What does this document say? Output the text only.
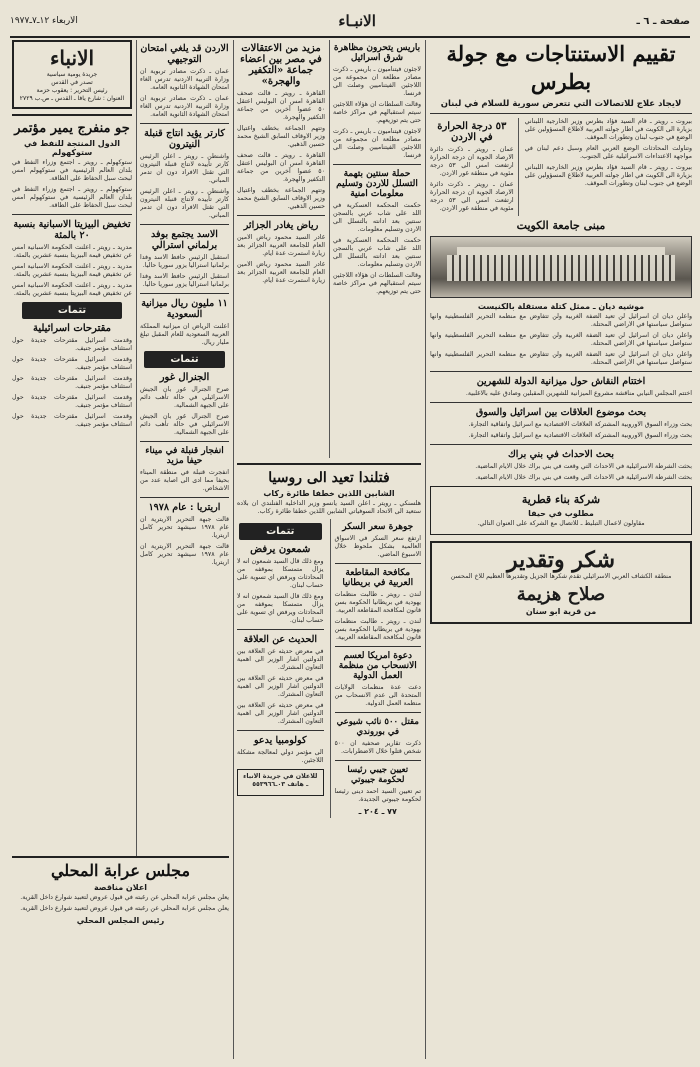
صفحة ـ ٦ ـ
الانبـاء
الاربعاء ١٢ـ٧ـ١٩٧٧
تقييم الاستنتاجات مع جولة بطرس
لايجاد علاج للاتصالات التي تتعرض سورية للسلام في لبنان

بيروت ـ رويتر ـ قام السيد فؤاد بطرس وزير الخارجية اللبناني بزيارة الى الكويت في اطار جولته العربية لاطلاع المسؤولين على الوضع في جنوب لبنان وتطورات الموقف.

وتناولت المحادثات الوضع العربي العام وسبل دعم لبنان في مواجهة الاعتداءات الاسرائيلية على الجنوب.

بيروت ـ رويتر ـ قام السيد فؤاد بطرس وزير الخارجية اللبناني بزيارة الى الكويت في اطار جولته العربية لاطلاع المسؤولين على الوضع في جنوب لبنان وتطورات الموقف.

٥٣ درجة الحرارة في الاردن

عمان ـ رويتر ـ ذكرت دائرة الارصاد الجوية ان درجة الحرارة ارتفعت امس الى ٥٣ درجة مئوية في منطقة غور الاردن.

عمان ـ رويتر ـ ذكرت دائرة الارصاد الجوية ان درجة الحرارة ارتفعت امس الى ٥٣ درجة مئوية في منطقة غور الاردن.

مبنى جامعة الكويت
موشيه ديان ـ ممثل كتلة مستقلة بالكنيست

واعلن ديان ان اسرائيل لن تعيد الضفة الغربية ولن تتفاوض مع منظمة التحرير الفلسطينية وانها ستواصل سياستها في الاراضي المحتلة.

واعلن ديان ان اسرائيل لن تعيد الضفة الغربية ولن تتفاوض مع منظمة التحرير الفلسطينية وانها ستواصل سياستها في الاراضي المحتلة.

واعلن ديان ان اسرائيل لن تعيد الضفة الغربية ولن تتفاوض مع منظمة التحرير الفلسطينية وانها ستواصل سياستها في الاراضي المحتلة.

اختتام النقاش حول ميزانية الدولة للشهرين

اختتم المجلس النيابي مناقشة مشروع الميزانية للشهرين المقبلين وصادق عليه بالاغلبية.

بحث موضوع العلاقات بين اسرائيل والسوق

بحث وزراء السوق الاوروبية المشتركة العلاقات الاقتصادية مع اسرائيل واتفاقية التجارة.

بحث وزراء السوق الاوروبية المشتركة العلاقات الاقتصادية مع اسرائيل واتفاقية التجارة.

بحث الاحداث في بني براك

بحثت الشرطة الاسرائيلية في الاحداث التي وقعت في بني براك خلال الايام الماضية.

بحثت الشرطة الاسرائيلية في الاحداث التي وقعت في بني براك خلال الايام الماضية.

شركة بناء قطرية
مطلوب في حيفا

مقاولون لاعمال التبليط ـ للاتصال مع الشركة على العنوان التالي.

شكر وتقدير

منطقة الكشاف العربي الاسرائيلي تقدم شكرها الجزيل وتقديرها العظيم للاخ المحسن

صلاح هزيمة
من قرية ابو سنان
باريس يتحرون مظاهرة شرق اسرائيل

لاجئون فيتناميون ـ باريس ـ ذكرت مصادر مطلعة ان مجموعة من اللاجئين الفيتناميين وصلت الى فرنسا.

وقالت السلطات ان هؤلاء اللاجئين سيتم استقبالهم في مراكز خاصة حتى يتم توزيعهم.

لاجئون فيتناميون ـ باريس ـ ذكرت مصادر مطلعة ان مجموعة من اللاجئين الفيتناميين وصلت الى فرنسا.

حملة سنتين بتهمة التسلل للاردن وتسليم معلومات امنية

حكمت المحكمة العسكرية في اللد على شاب عربي بالسجن سنتين بعد ادانته بالتسلل الى الاردن وتسليم معلومات.

حكمت المحكمة العسكرية في اللد على شاب عربي بالسجن سنتين بعد ادانته بالتسلل الى الاردن وتسليم معلومات.

وقالت السلطات ان هؤلاء اللاجئين سيتم استقبالهم في مراكز خاصة حتى يتم توزيعهم.

مزيد من الاعتقالات في مصر بين اعضاء جماعة «التكفير والهجرة»

القاهرة ـ رويتر ـ قالت صحف القاهرة امس ان البوليس اعتقل ٥٠ عضوا آخرين من جماعة التكفير والهجرة.

وتتهم الجماعة بخطف واغتيال وزير الاوقاف السابق الشيخ محمد حسين الذهبي.

القاهرة ـ رويتر ـ قالت صحف القاهرة امس ان البوليس اعتقل ٥٠ عضوا آخرين من جماعة التكفير والهجرة.

وتتهم الجماعة بخطف واغتيال وزير الاوقاف السابق الشيخ محمد حسين الذهبي.

رياض يغادر الجزائر

غادر السيد محمود رياض الامين العام للجامعة العربية الجزائر بعد زيارة استمرت عدة ايام.

غادر السيد محمود رياض الامين العام للجامعة العربية الجزائر بعد زيارة استمرت عدة ايام.

فتلندا تعيد الى روسيا
الشابين اللذين خطفا طائرة ركاب

هلسنكي ـ رويتر ـ اعلن السيد يانسو وزير الداخلية الفنلندي ان بلاده ستعيد الى الاتحاد السوفياتي الشابين اللذين خطفا طائرة ركاب.

جوهرة سعر السكر

ارتفع سعر السكر في الاسواق العالمية بشكل ملحوظ خلال الاسبوع الماضي.

مكافحة المقاطعة العربية في بريطانيا

لندن ـ رويتر ـ طالبت منظمات يهودية في بريطانيا الحكومة بسن قانون لمكافحة المقاطعة العربية.

لندن ـ رويتر ـ طالبت منظمات يهودية في بريطانيا الحكومة بسن قانون لمكافحة المقاطعة العربية.

دعوة امريكا لعسم الانسحاب من منظمة العمل الدولية

دعت عدة منظمات الولايات المتحدة الى عدم الانسحاب من منظمة العمل الدولية.

مقتل ٥٠٠ نائب شيوعي في بوروندي

ذكرت تقارير صحفية ان ٥٠٠ شخص قتلوا خلال الاضطرابات.

تعيين جيبي رئيسا لحكومة جيبوتي

تم تعيين السيد احمد دينى رئيسا لحكومة جيبوتي الجديدة.

٧٧ ـ ٢٠٤ ـ
تتمات
شمعون يرفض

ومع ذلك قال السيد شمعون انه لا يزال متمسكا بموقفه من المحادثات ويرفض اي تسوية على حساب لبنان.

ومع ذلك قال السيد شمعون انه لا يزال متمسكا بموقفه من المحادثات ويرفض اي تسوية على حساب لبنان.

الحديث عن العلاقة

في معرض حديثه عن العلاقة بين الدولتين اشار الوزير الى اهمية التعاون المشترك.

في معرض حديثه عن العلاقة بين الدولتين اشار الوزير الى اهمية التعاون المشترك.

في معرض حديثه عن العلاقة بين الدولتين اشار الوزير الى اهمية التعاون المشترك.

كولومبيا يدعو

الى مؤتمر دولي لمعالجة مشكلة اللاجئين.

للاعلان في جريدة الانباء ـ هاتف ٠٣ـ٥٥٣٩٦٦

الاردن قد يلغي امتحان التوجيهي

عمان ـ ذكرت مصادر تربوية ان وزارة التربية الاردنية تدرس الغاء امتحان الشهادة الثانوية العامة.

عمان ـ ذكرت مصادر تربوية ان وزارة التربية الاردنية تدرس الغاء امتحان الشهادة الثانوية العامة.

كارتر يؤيد انتاج قنبلة النيترون

واشنطن ـ رويتر ـ اعلن الرئيس كارتر تأييده لانتاج قنبلة النيترون التي تقتل الافراد دون ان تدمر المباني.

واشنطن ـ رويتر ـ اعلن الرئيس كارتر تأييده لانتاج قنبلة النيترون التي تقتل الافراد دون ان تدمر المباني.

الاسد يجتمع بوفد برلماني استرالي

استقبل الرئيس حافظ الاسد وفدا برلمانيا استراليا يزور سوريا حاليا.

استقبل الرئيس حافظ الاسد وفدا برلمانيا استراليا يزور سوريا حاليا.

١١ مليون ريال ميزانية السعودية

اعلنت الرياض ان ميزانية المملكة العربية السعودية للعام المقبل تبلغ مليار ريال.

تتمات
الجنرال غور

صرح الجنرال غور بان الجيش الاسرائيلي في حالة تأهب دائم على الجبهة الشمالية.

صرح الجنرال غور بان الجيش الاسرائيلي في حالة تأهب دائم على الجبهة الشمالية.

انفجار قنبلة في ميناء حيفا مزيد

انفجرت قنبلة في منطقة الميناء بحيفا مما ادى الى اصابة عدد من الاشخاص.

اريتريا : عام ١٩٧٨

قالت جبهة التحرير الاريترية ان عام ١٩٧٨ سيشهد تحرير كامل اريتريا.

قالت جبهة التحرير الاريترية ان عام ١٩٧٨ سيشهد تحرير كامل اريتريا.

الانباء
جريدة يومية سياسية
تصدر في القدس
رئيس التحرير : يعقوب حزمة
العنوان : شارع يافا ـ القدس ـ ص.ب ٢٧٢٩
جو منفرج يمير مؤتمر
الدول المنتجة للنفط في ستوكهولم

ستوكهولم ـ رويتر ـ اجتمع وزراء النفط في بلدان العالم الرئيسية في ستوكهولم امس لبحث سبل الحفاظ على الطاقة.

ستوكهولم ـ رويتر ـ اجتمع وزراء النفط في بلدان العالم الرئيسية في ستوكهولم امس لبحث سبل الحفاظ على الطاقة.

تخفيض البيزيتا الاسبانية بنسبة ٢٠ بالمئة

مدريد ـ رويتر ـ اعلنت الحكومة الاسبانية امس عن تخفيض قيمة البيزيتا بنسبة عشرين بالمئة.

مدريد ـ رويتر ـ اعلنت الحكومة الاسبانية امس عن تخفيض قيمة البيزيتا بنسبة عشرين بالمئة.

مدريد ـ رويتر ـ اعلنت الحكومة الاسبانية امس عن تخفيض قيمة البيزيتا بنسبة عشرين بالمئة.

تتمات
مقترحات اسرائيلية

وقدمت اسرائيل مقترحات جديدة حول استئناف مؤتمر جنيف.

وقدمت اسرائيل مقترحات جديدة حول استئناف مؤتمر جنيف.

وقدمت اسرائيل مقترحات جديدة حول استئناف مؤتمر جنيف.

وقدمت اسرائيل مقترحات جديدة حول استئناف مؤتمر جنيف.

وقدمت اسرائيل مقترحات جديدة حول استئناف مؤتمر جنيف.

مجلس عرابة المحلي
اعلان مناقصة

يعلن مجلس عرابة المحلي عن رغبته في قبول عروض لتعبيد شوارع داخل القرية.

يعلن مجلس عرابة المحلي عن رغبته في قبول عروض لتعبيد شوارع داخل القرية.

رئيس المجلس المحلي
